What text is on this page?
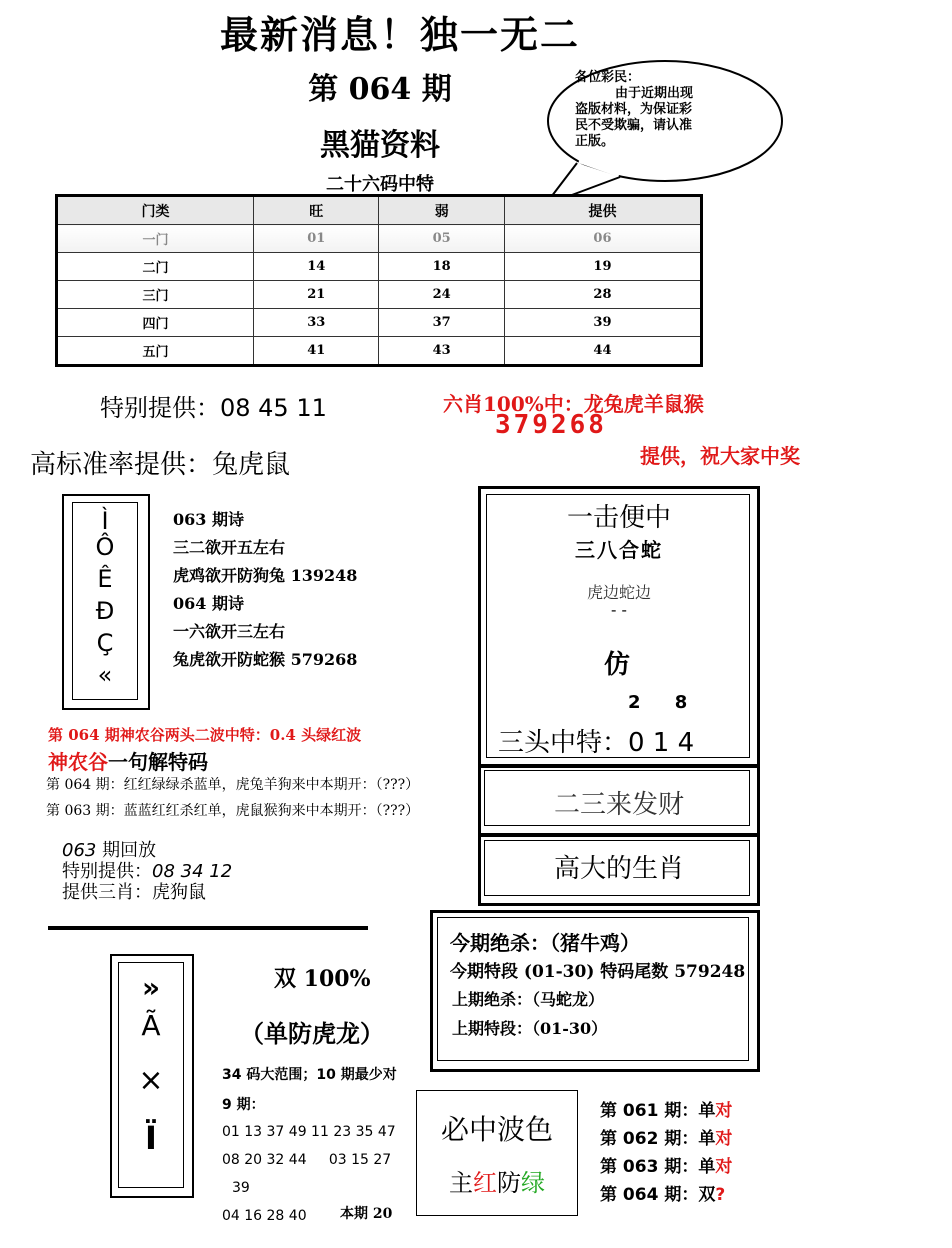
最新消息！独一无二
第 064 期
黑猫资料
二十六码中特
各位彩民：
由于近期出现
盗版材料，为保证彩
民不受欺骗，请认准
正版。
门类	旺	弱	提供
一门	01	05	06
二门	14	18	19
三门	21	24	28
四门	33	37	39
五门	41	43	44
特别提供：08 45 11	六肖100%中：龙兔虎羊鼠猴
379268
高标准率提供：兔虎鼠	提供，祝大家中奖
Ì
Ô
Ê
Ð
Ç
«
063 期诗
三二欲开五左右
虎鸡欲开防狗兔 139248
064 期诗
一六欲开三左右
兔虎欲开防蛇猴 579268
一击便中
三八合蛇
虎边蛇边
- -
仿
2 8
三头中特：0 1 4
二三来发财
高大的生肖
第 064 期神农谷两头二波中特：0.4 头绿红波
神农谷一句解特码
第 064 期：红红绿绿杀蓝单，虎兔羊狗来中本期开：（???）
第 063 期：蓝蓝红红杀红单，虎鼠猴狗来中本期开：（???）
063 期回放
特别提供：08 34 12
提供三肖：虎狗鼠
今期绝杀：（猪牛鸡）
今期特段 (01-30) 特码尾数 579248
上期绝杀：（马蛇龙）
上期特段：（01-30）
»
Ã
×
Ï
双 100%
（单防虎龙）
34 码大范围；10 期最少对
9 期：
01 13 37 49 11 23 35 47
08 20 32 44     03 15 27
39
04 16 28 40	本期 20
必中波色
主红防绿
第 061 期：单对
第 062 期：单对
第 063 期：单对
第 064 期：双?
